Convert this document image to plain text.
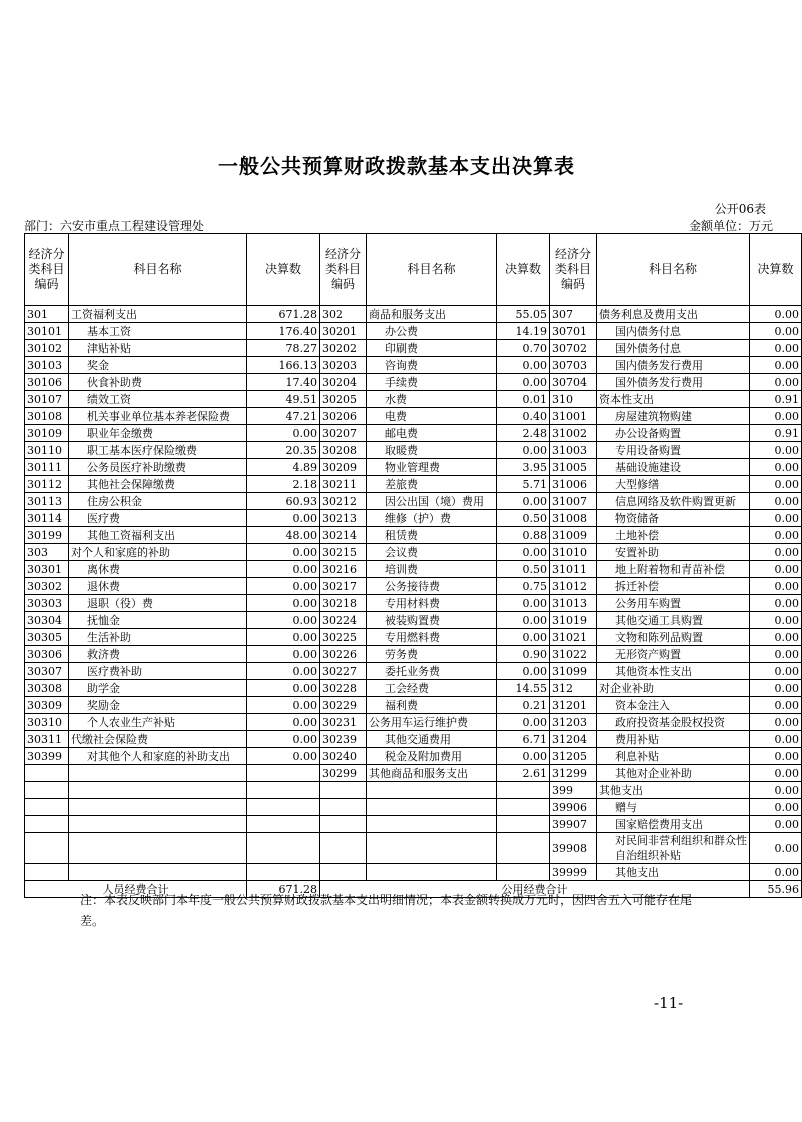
一般公共预算财政拨款基本支出决算表
公开06表
部门：六安市重点工程建设管理处	金额单位：万元
经济分类科目编码	科目名称	决算数	经济分类科目编码	科目名称	决算数	经济分类科目编码	科目名称	决算数
301	工资福利支出	671.28	302	商品和服务支出	55.05	307	债务利息及费用支出	0.00
30101	基本工资	176.40	30201	办公费	14.19	30701	国内债务付息	0.00
30102	津贴补贴	78.27	30202	印刷费	0.70	30702	国外债务付息	0.00
30103	奖金	166.13	30203	咨询费	0.00	30703	国内债务发行费用	0.00
30106	伙食补助费	17.40	30204	手续费	0.00	30704	国外债务发行费用	0.00
30107	绩效工资	49.51	30205	水费	0.01	310	资本性支出	0.91
30108	机关事业单位基本养老保险费	47.21	30206	电费	0.40	31001	房屋建筑物购建	0.00
30109	职业年金缴费	0.00	30207	邮电费	2.48	31002	办公设备购置	0.91
30110	职工基本医疗保险缴费	20.35	30208	取暖费	0.00	31003	专用设备购置	0.00
30111	公务员医疗补助缴费	4.89	30209	物业管理费	3.95	31005	基础设施建设	0.00
30112	其他社会保障缴费	2.18	30211	差旅费	5.71	31006	大型修缮	0.00
30113	住房公积金	60.93	30212	因公出国（境）费用	0.00	31007	信息网络及软件购置更新	0.00
30114	医疗费	0.00	30213	维修（护）费	0.50	31008	物资储备	0.00
30199	其他工资福利支出	48.00	30214	租赁费	0.88	31009	土地补偿	0.00
303	对个人和家庭的补助	0.00	30215	会议费	0.00	31010	安置补助	0.00
30301	离休费	0.00	30216	培训费	0.50	31011	地上附着物和青苗补偿	0.00
30302	退休费	0.00	30217	公务接待费	0.75	31012	拆迁补偿	0.00
30303	退职（役）费	0.00	30218	专用材料费	0.00	31013	公务用车购置	0.00
30304	抚恤金	0.00	30224	被装购置费	0.00	31019	其他交通工具购置	0.00
30305	生活补助	0.00	30225	专用燃料费	0.00	31021	文物和陈列品购置	0.00
30306	救济费	0.00	30226	劳务费	0.90	31022	无形资产购置	0.00
30307	医疗费补助	0.00	30227	委托业务费	0.00	31099	其他资本性支出	0.00
30308	助学金	0.00	30228	工会经费	14.55	312	对企业补助	0.00
30309	奖励金	0.00	30229	福利费	0.21	31201	资本金注入	0.00
30310	个人农业生产补贴	0.00	30231	公务用车运行维护费	0.00	31203	政府投资基金股权投资	0.00
30311	代缴社会保险费	0.00	30239	其他交通费用	6.71	31204	费用补贴	0.00
30399	对其他个人和家庭的补助支出	0.00	30240	税金及附加费用	0.00	31205	利息补贴	0.00
			30299	其他商品和服务支出	2.61	31299	其他对企业补助	0.00
						399	其他支出	0.00
						39906	赠与	0.00
						39907	国家赔偿费用支出	0.00
						39908	对民间非营利组织和群众性自治组织补贴	0.00
						39999	其他支出	0.00
人员经费合计		671.28	公用经费合计					55.96
注：本表反映部门本年度一般公共预算财政拨款基本支出明细情况；本表金额转换成万元时，因四舍五入可能存在尾差。
-11-
